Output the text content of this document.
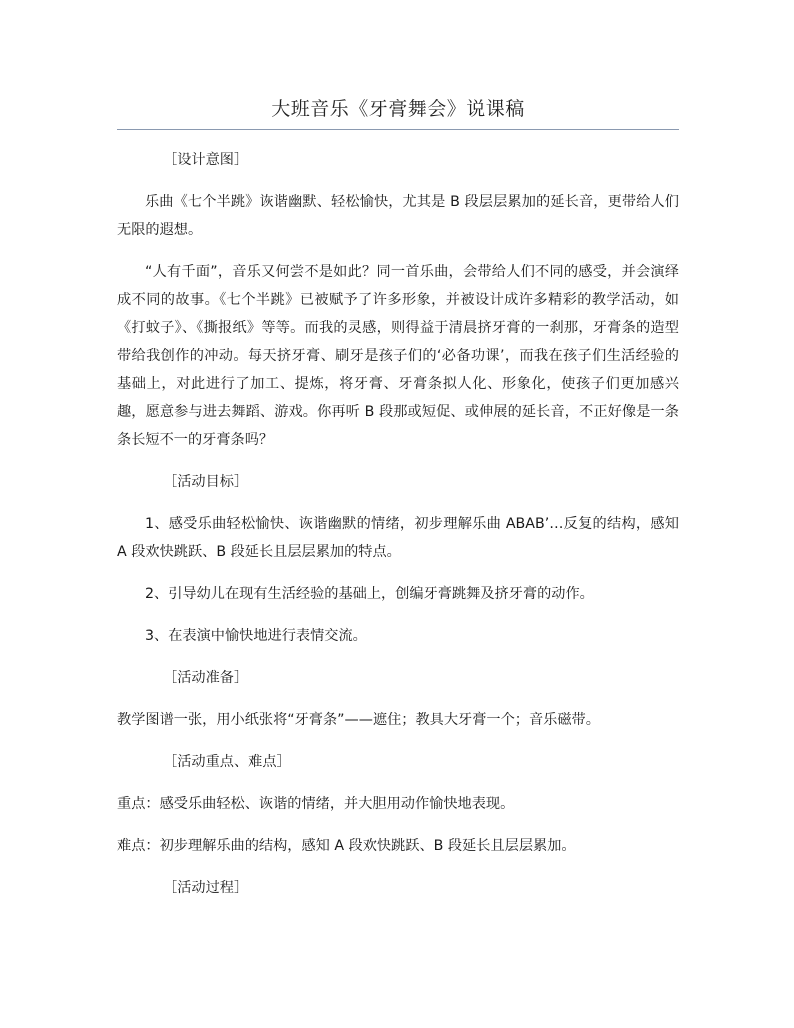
大班音乐《牙膏舞会》说课稿

［设计意图］

乐曲《七个半跳》诙谐幽默、轻松愉快，尤其是 B 段层层累加的延长音，更带给人们无限的遐想。

“人有千面”，音乐又何尝不是如此？同一首乐曲，会带给人们不同的感受，并会演绎成不同的故事。《七个半跳》已被赋予了许多形象，并被设计成许多精彩的教学活动，如《打蚊子》、《撕报纸》等等。而我的灵感，则得益于清晨挤牙膏的一刹那，牙膏条的造型带给我创作的冲动。每天挤牙膏、刷牙是孩子们的‘必备功课’，而我在孩子们生活经验的基础上，对此进行了加工、提炼，将牙膏、牙膏条拟人化、形象化，使孩子们更加感兴趣，愿意参与进去舞蹈、游戏。你再听 B 段那或短促、或伸展的延长音，不正好像是一条条长短不一的牙膏条吗？

［活动目标］

1、感受乐曲轻松愉快、诙谐幽默的情绪，初步理解乐曲 ABAB’…反复的结构，感知 A 段欢快跳跃、B 段延长且层层累加的特点。

2、引导幼儿在现有生活经验的基础上，创编牙膏跳舞及挤牙膏的动作。

3、在表演中愉快地进行表情交流。

［活动准备］

教学图谱一张，用小纸张将“牙膏条”——遮住；教具大牙膏一个；音乐磁带。

［活动重点、难点］

重点：感受乐曲轻松、诙谐的情绪，并大胆用动作愉快地表现。

难点：初步理解乐曲的结构，感知 A 段欢快跳跃、B 段延长且层层累加。

［活动过程］
